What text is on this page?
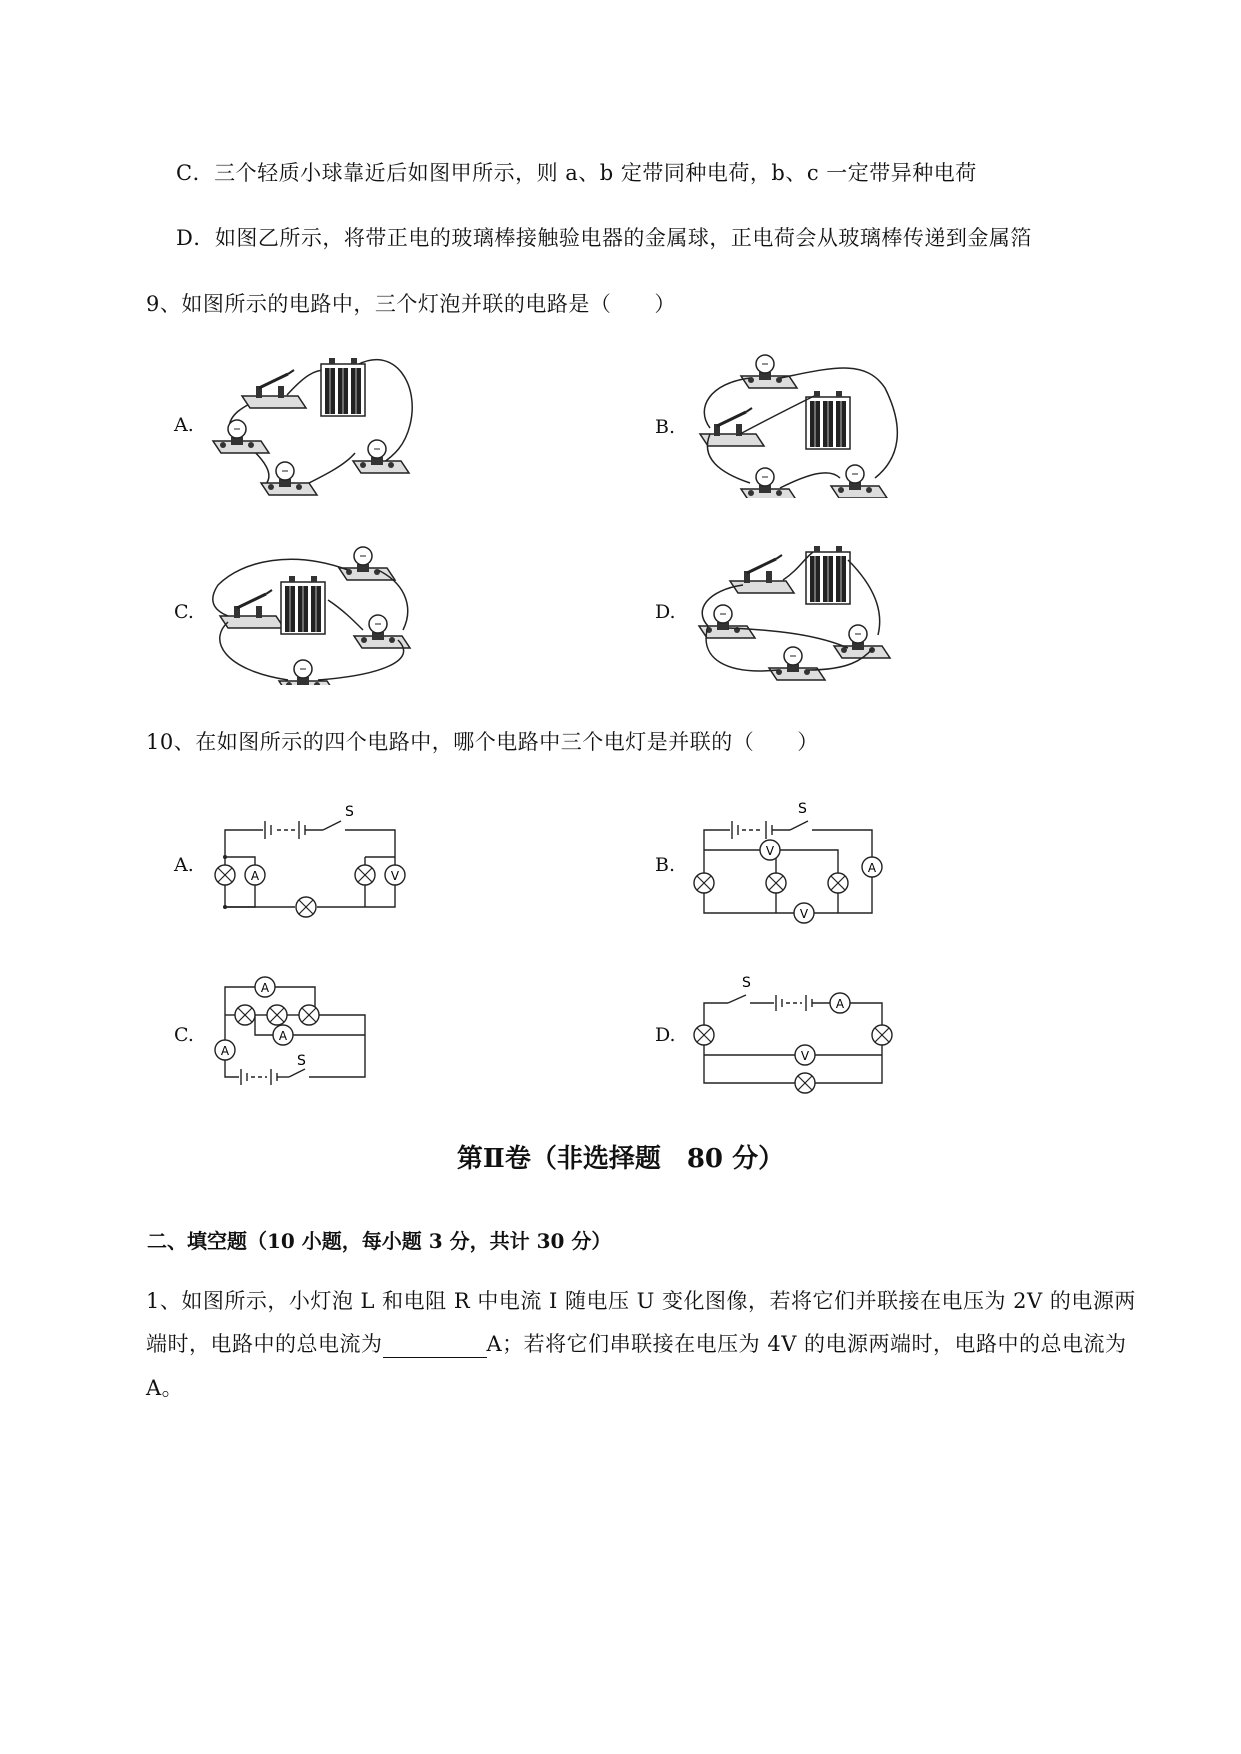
C．三个轻质小球靠近后如图甲所示，则 a、b 定带同种电荷，b、c 一定带异种电荷
D．如图乙所示，将带正电的玻璃棒接触验电器的金属球，正电荷会从玻璃棒传递到金属箔
9、如图所示的电路中，三个灯泡并联的电路是（　　）
A.	B.
C.	D.
10、在如图所示的四个电路中，哪个电路中三个电灯是并联的（　　）
A.	B.
C.	D.
A	V
S
V
A
V
S
A
A
A
S
A
V
S
第Ⅱ卷（非选择题　80 分）
二、填空题（10 小题，每小题 3 分，共计 30 分）
1、如图所示，小灯泡 L 和电阻 R 中电流 I 随电压 U 变化图像，若将它们并联接在电压为 2V 的电源两
端时，电路中的总电流为	A；若将它们串联接在电压为 4V 的电源两端时，电路中的总电流为
A。
